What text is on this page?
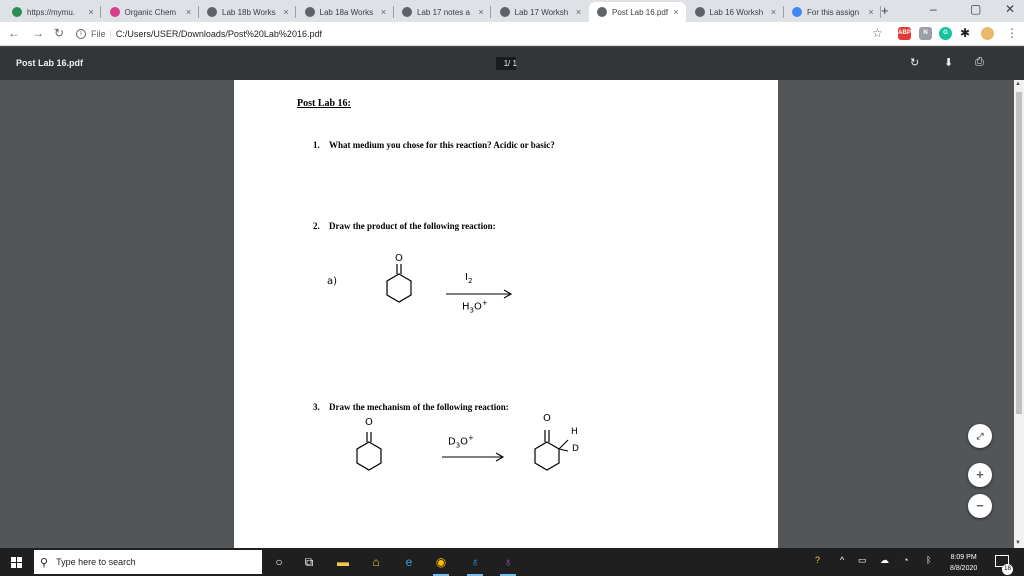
https://mymu.	×	Organic Chem	×	Lab 18b Works ×	Lab 18a Works ×	Lab 17 notes a ×	Lab 17 Worksh ×	Post Lab 16.pdf ×	Lab 16 Worksh ×	For this assign	× +	–	▢ ✕
← → ↻	i	File | C:/Users/USER/Downloads/Post%20Lab%2016.pdf	☆	ABP	N	G	✱	⋮
Post Lab 16.pdf	1 / 1	↻ ⬇ ⎙
Post Lab 16:
1. What medium you chose for this reaction? Acidic or basic?
2. Draw the product of the following reaction:
3. Draw the mechanism of the following reaction:
a)
O
$I_2$
$H_3O^+$
O
$D_3O^+$
O
H
D
▲
▼
⤢
+
−
⚲ Type here to search	○	⧉	▬	⌂	e	◉	♁	♁	? ^ ▭ ☁ ◔ ᛒ	8:09 PM
8/8/2020	18
